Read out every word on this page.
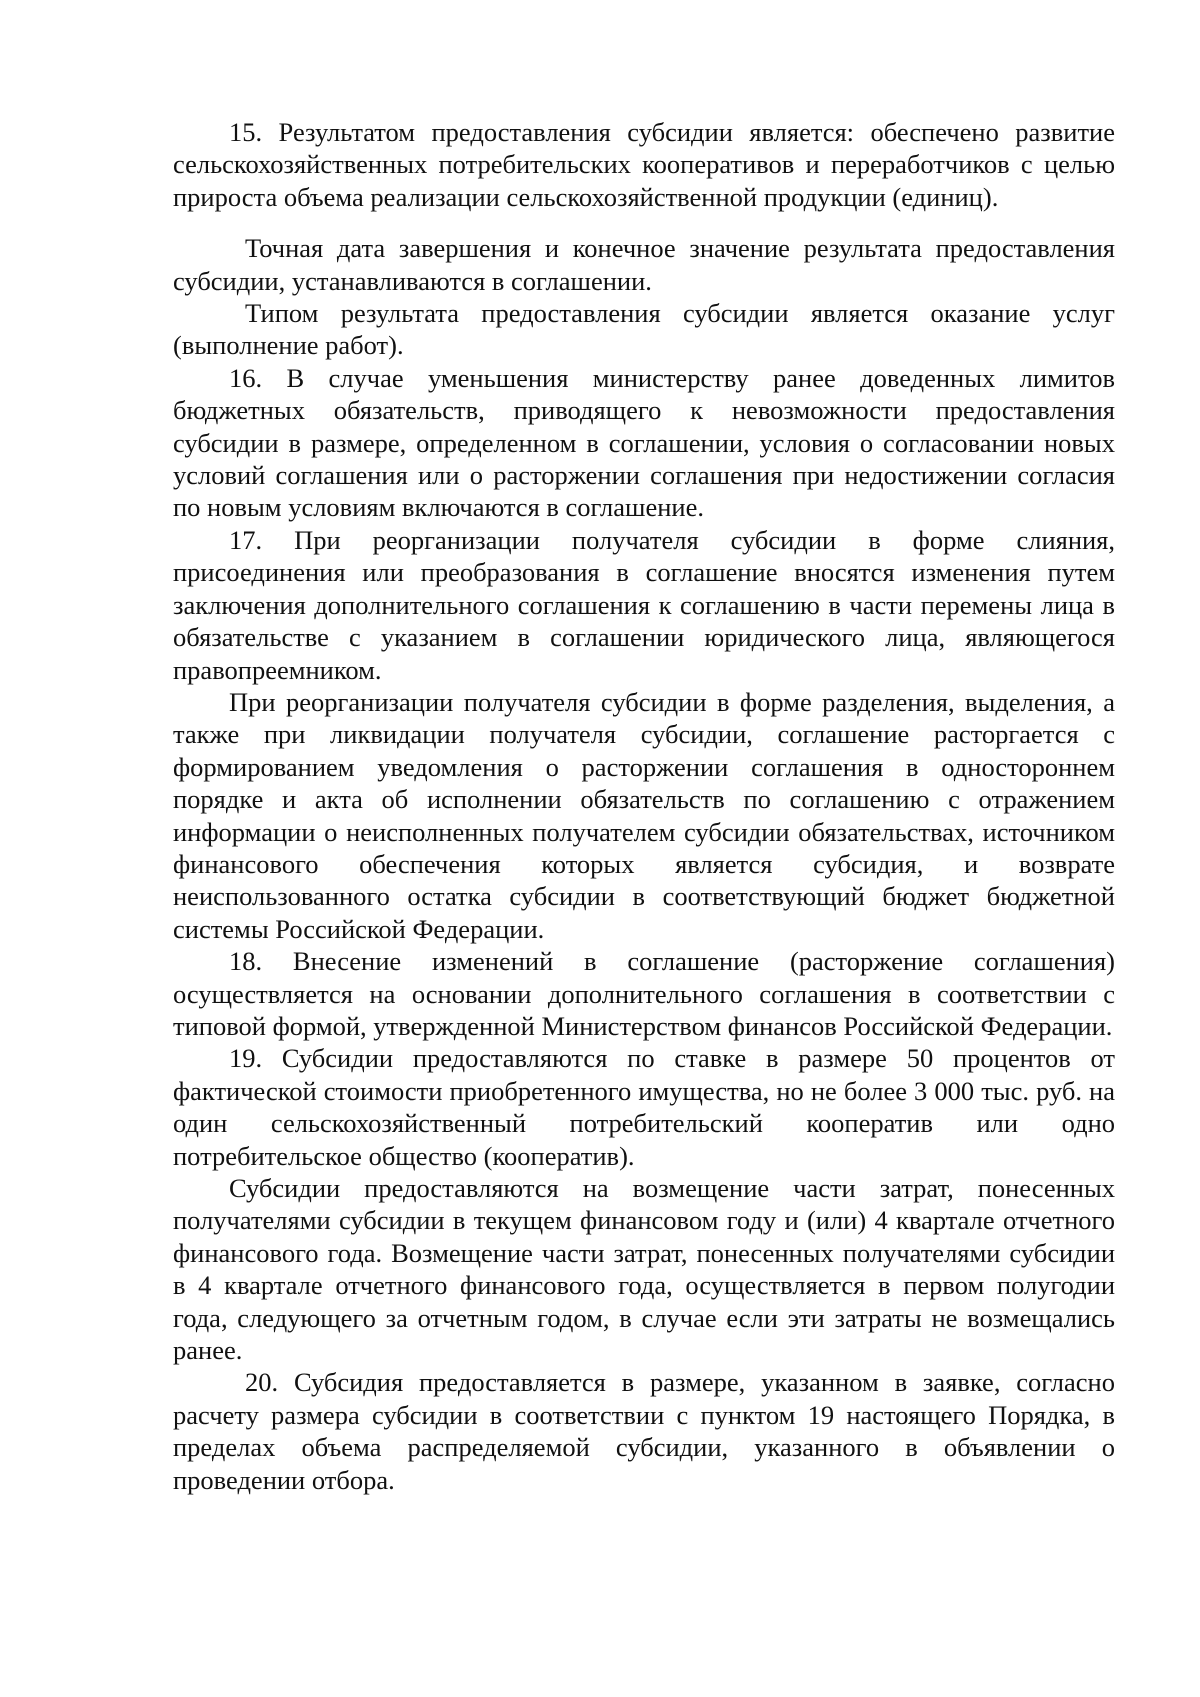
15. Результатом предоставления субсидии является: обеспечено развитие сельскохозяйственных потребительских кооперативов и переработчиков с целью прироста объема реализации сельскохозяйственной продукции (единиц).

Точная дата завершения и конечное значение результата предоставления субсидии, устанавливаются в соглашении.

Типом результата предоставления субсидии является оказание услуг (выполнение работ).

16. В случае уменьшения министерству ранее доведенных лимитов бюджетных обязательств, приводящего к невозможности предоставления субсидии в размере, определенном в соглашении, условия о согласовании новых условий соглашения или о расторжении соглашения при недостижении согласия по новым условиям включаются в соглашение.

17. При реорганизации получателя субсидии в форме слияния, присоединения или преобразования в соглашение вносятся изменения путем заключения дополнительного соглашения к соглашению в части перемены лица в обязательстве с указанием в соглашении юридического лица, являющегося правопреемником.

При реорганизации получателя субсидии в форме разделения, выделения, а также при ликвидации получателя субсидии, соглашение расторгается с формированием уведомления о расторжении соглашения в одностороннем порядке и акта об исполнении обязательств по соглашению с отражением информации о неисполненных получателем субсидии обязательствах, источником финансового обеспечения которых является субсидия, и возврате неиспользованного остатка субсидии в соответствующий бюджет бюджетной системы Российской Федерации.

18. Внесение изменений в соглашение (расторжение соглашения) осуществляется на основании дополнительного соглашения в соответствии с типовой формой, утвержденной Министерством финансов Российской Федерации.

19. Субсидии предоставляются по ставке в размере 50 процентов от фактической стоимости приобретенного имущества, но не более 3 000 тыс. руб. на один сельскохозяйственный потребительский кооператив или одно потребительское общество (кооператив).

Субсидии предоставляются на возмещение части затрат, понесенных получателями субсидии в текущем финансовом году и (или) 4 квартале отчетного финансового года. Возмещение части затрат, понесенных получателями субсидии в 4 квартале отчетного финансового года, осуществляется в первом полугодии года, следующего за отчетным годом, в случае если эти затраты не возмещались ранее.

20. Субсидия предоставляется в размере, указанном в заявке, согласно расчету размера субсидии в соответствии с пунктом 19 настоящего Порядка, в пределах объема распределяемой субсидии, указанного в объявлении о проведении отбора.
